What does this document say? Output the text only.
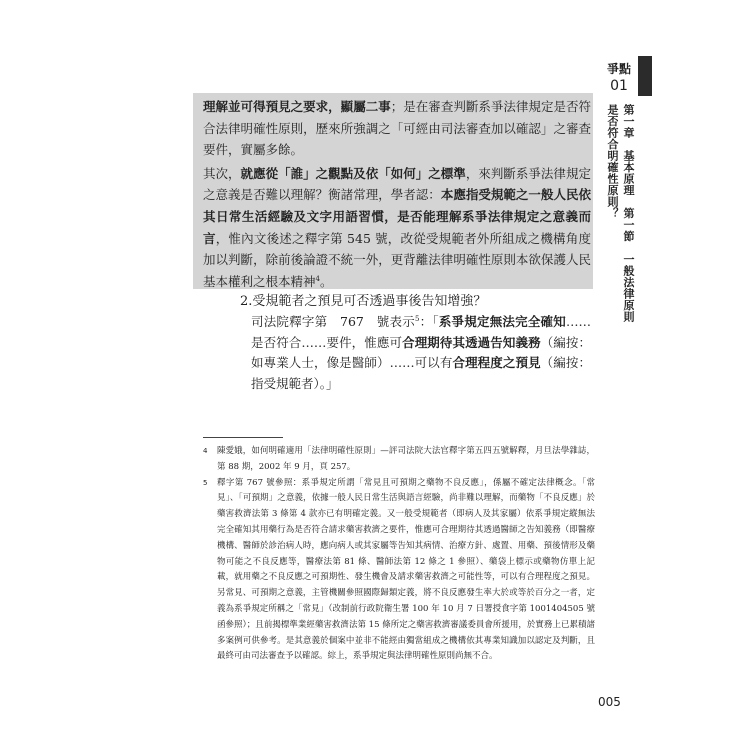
爭點
01
第一章　基本原理　第一節　一般法律原則
是否符合明確性原則？

理解並可得預見之要求，顯屬二事；是在審查判斷系爭法律規定是否符合法律明確性原則，歷來所強調之「可經由司法審查加以確認」之審查要件，實屬多餘。

其次，就應從「誰」之觀點及依「如何」之標準，來判斷系爭法律規定之意義是否難以理解？衡諸常理，學者認：本應指受規範之一般人民依其日常生活經驗及文字用語習慣，是否能理解系爭法律規定之意義而言，惟內文後述之釋字第 545 號，改從受規範者外所組成之機構角度加以判斷，除前後論證不統一外，更背離法律明確性原則本欲保護人民基本權利之根本精神$^4$。

2.受規範者之預見可否透過事後告知增強？
司法院釋字第　767　號表示$^5$：「系爭規定無法完全確知……是否符合……要件，惟應可合理期待其透過告知義務（編按：如專業人士，像是醫師）……可以有合理程度之預見（編按：指受規範者）。」
4	陳愛娥，如何明確適用「法律明確性原則」—評司法院大法官釋字第五四五號解釋，月旦法學雜誌，第 88 期，2002 年 9 月，頁 257。
5	釋字第 767 號參照：系爭規定所謂「常見且可預期之藥物不良反應」，係屬不確定法律概念。「常見」、「可預期」之意義，依據一般人民日常生活與語言經驗，尚非難以理解，而藥物「不良反應」於藥害救濟法第 3 條第 4 款亦已有明確定義。又一般受規範者（即病人及其家屬）依系爭規定縱無法完全確知其用藥行為是否符合請求藥害救濟之要件，惟應可合理期待其透過醫師之告知義務（即醫療機構、醫師於診治病人時，應向病人或其家屬等告知其病情、治療方針、處置、用藥、預後情形及藥物可能之不良反應等，醫療法第 81 條、醫師法第 12 條之 1 參照）、藥袋上標示或藥物仿單上記載，就用藥之不良反應之可預期性、發生機會及請求藥害救濟之可能性等，可以有合理程度之預見。另常見、可預期之意義，主管機關參照國際歸類定義，將不良反應發生率大於或等於百分之一者，定義為系爭規定所稱之「常見」（改制前行政院衛生署 100 年 10 月 7 日署授食字第 1001404505 號函參照）；且前揭標準業經藥害救濟法第 15 條所定之藥害救濟審議委員會所援用，於實務上已累積諸多案例可供參考。是其意義於個案中並非不能經由獨當組成之機構依其專業知識加以認定及判斷，且最終可由司法審查予以確認。綜上，系爭規定與法律明確性原則尚無不合。
005
